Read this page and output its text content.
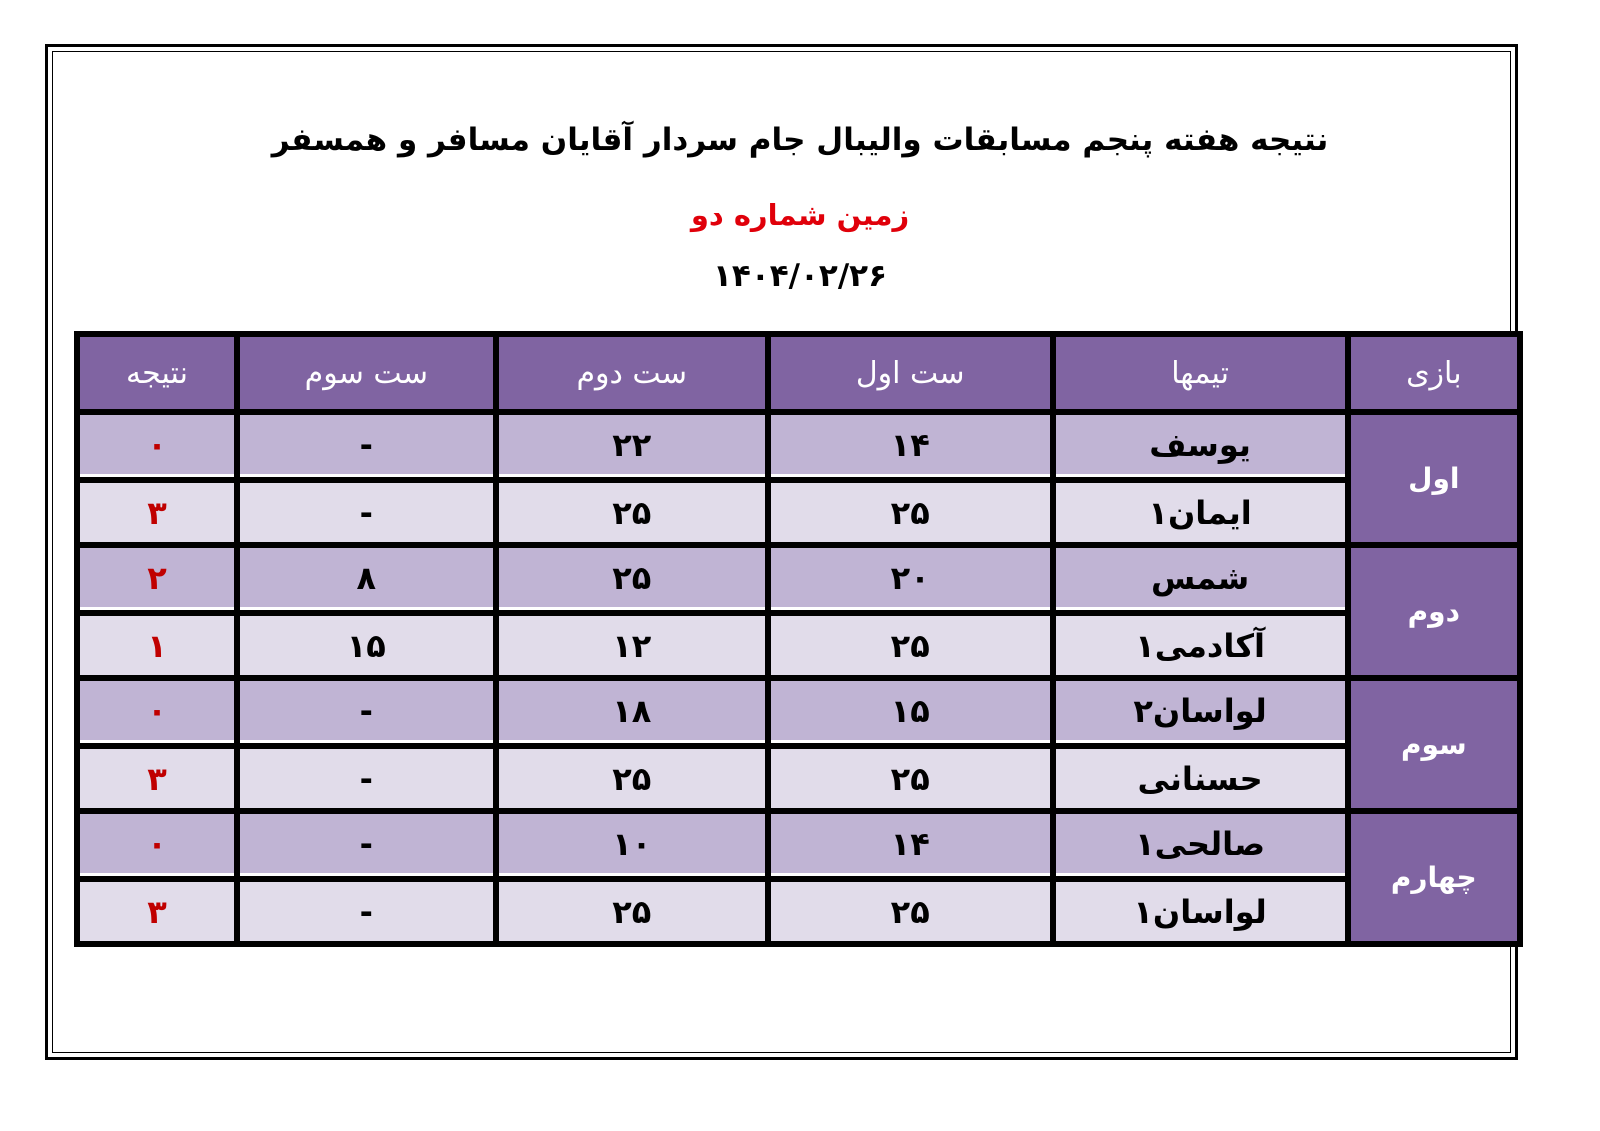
نتیجه هفته پنجم مسابقات والیبال جام سردار آقایان مسافر و همسفر
زمین شماره دو
۱۴۰۴/۰۲/۲۶
بازی	تیمها	ست اول	ست دوم	ست سوم	نتیجه
اول	یوسف	۱۴	۲۲	-	۰
	ایمان۱	۲۵	۲۵	-	۳
دوم	شمس	۲۰	۲۵	۸	۲
	آکادمی۱	۲۵	۱۲	۱۵	۱
سوم	لواسان۲	۱۵	۱۸	-	۰
	حسنانی	۲۵	۲۵	-	۳
چهارم	صالحی۱	۱۴	۱۰	-	۰
	لواسان۱	۲۵	۲۵	-	۳
